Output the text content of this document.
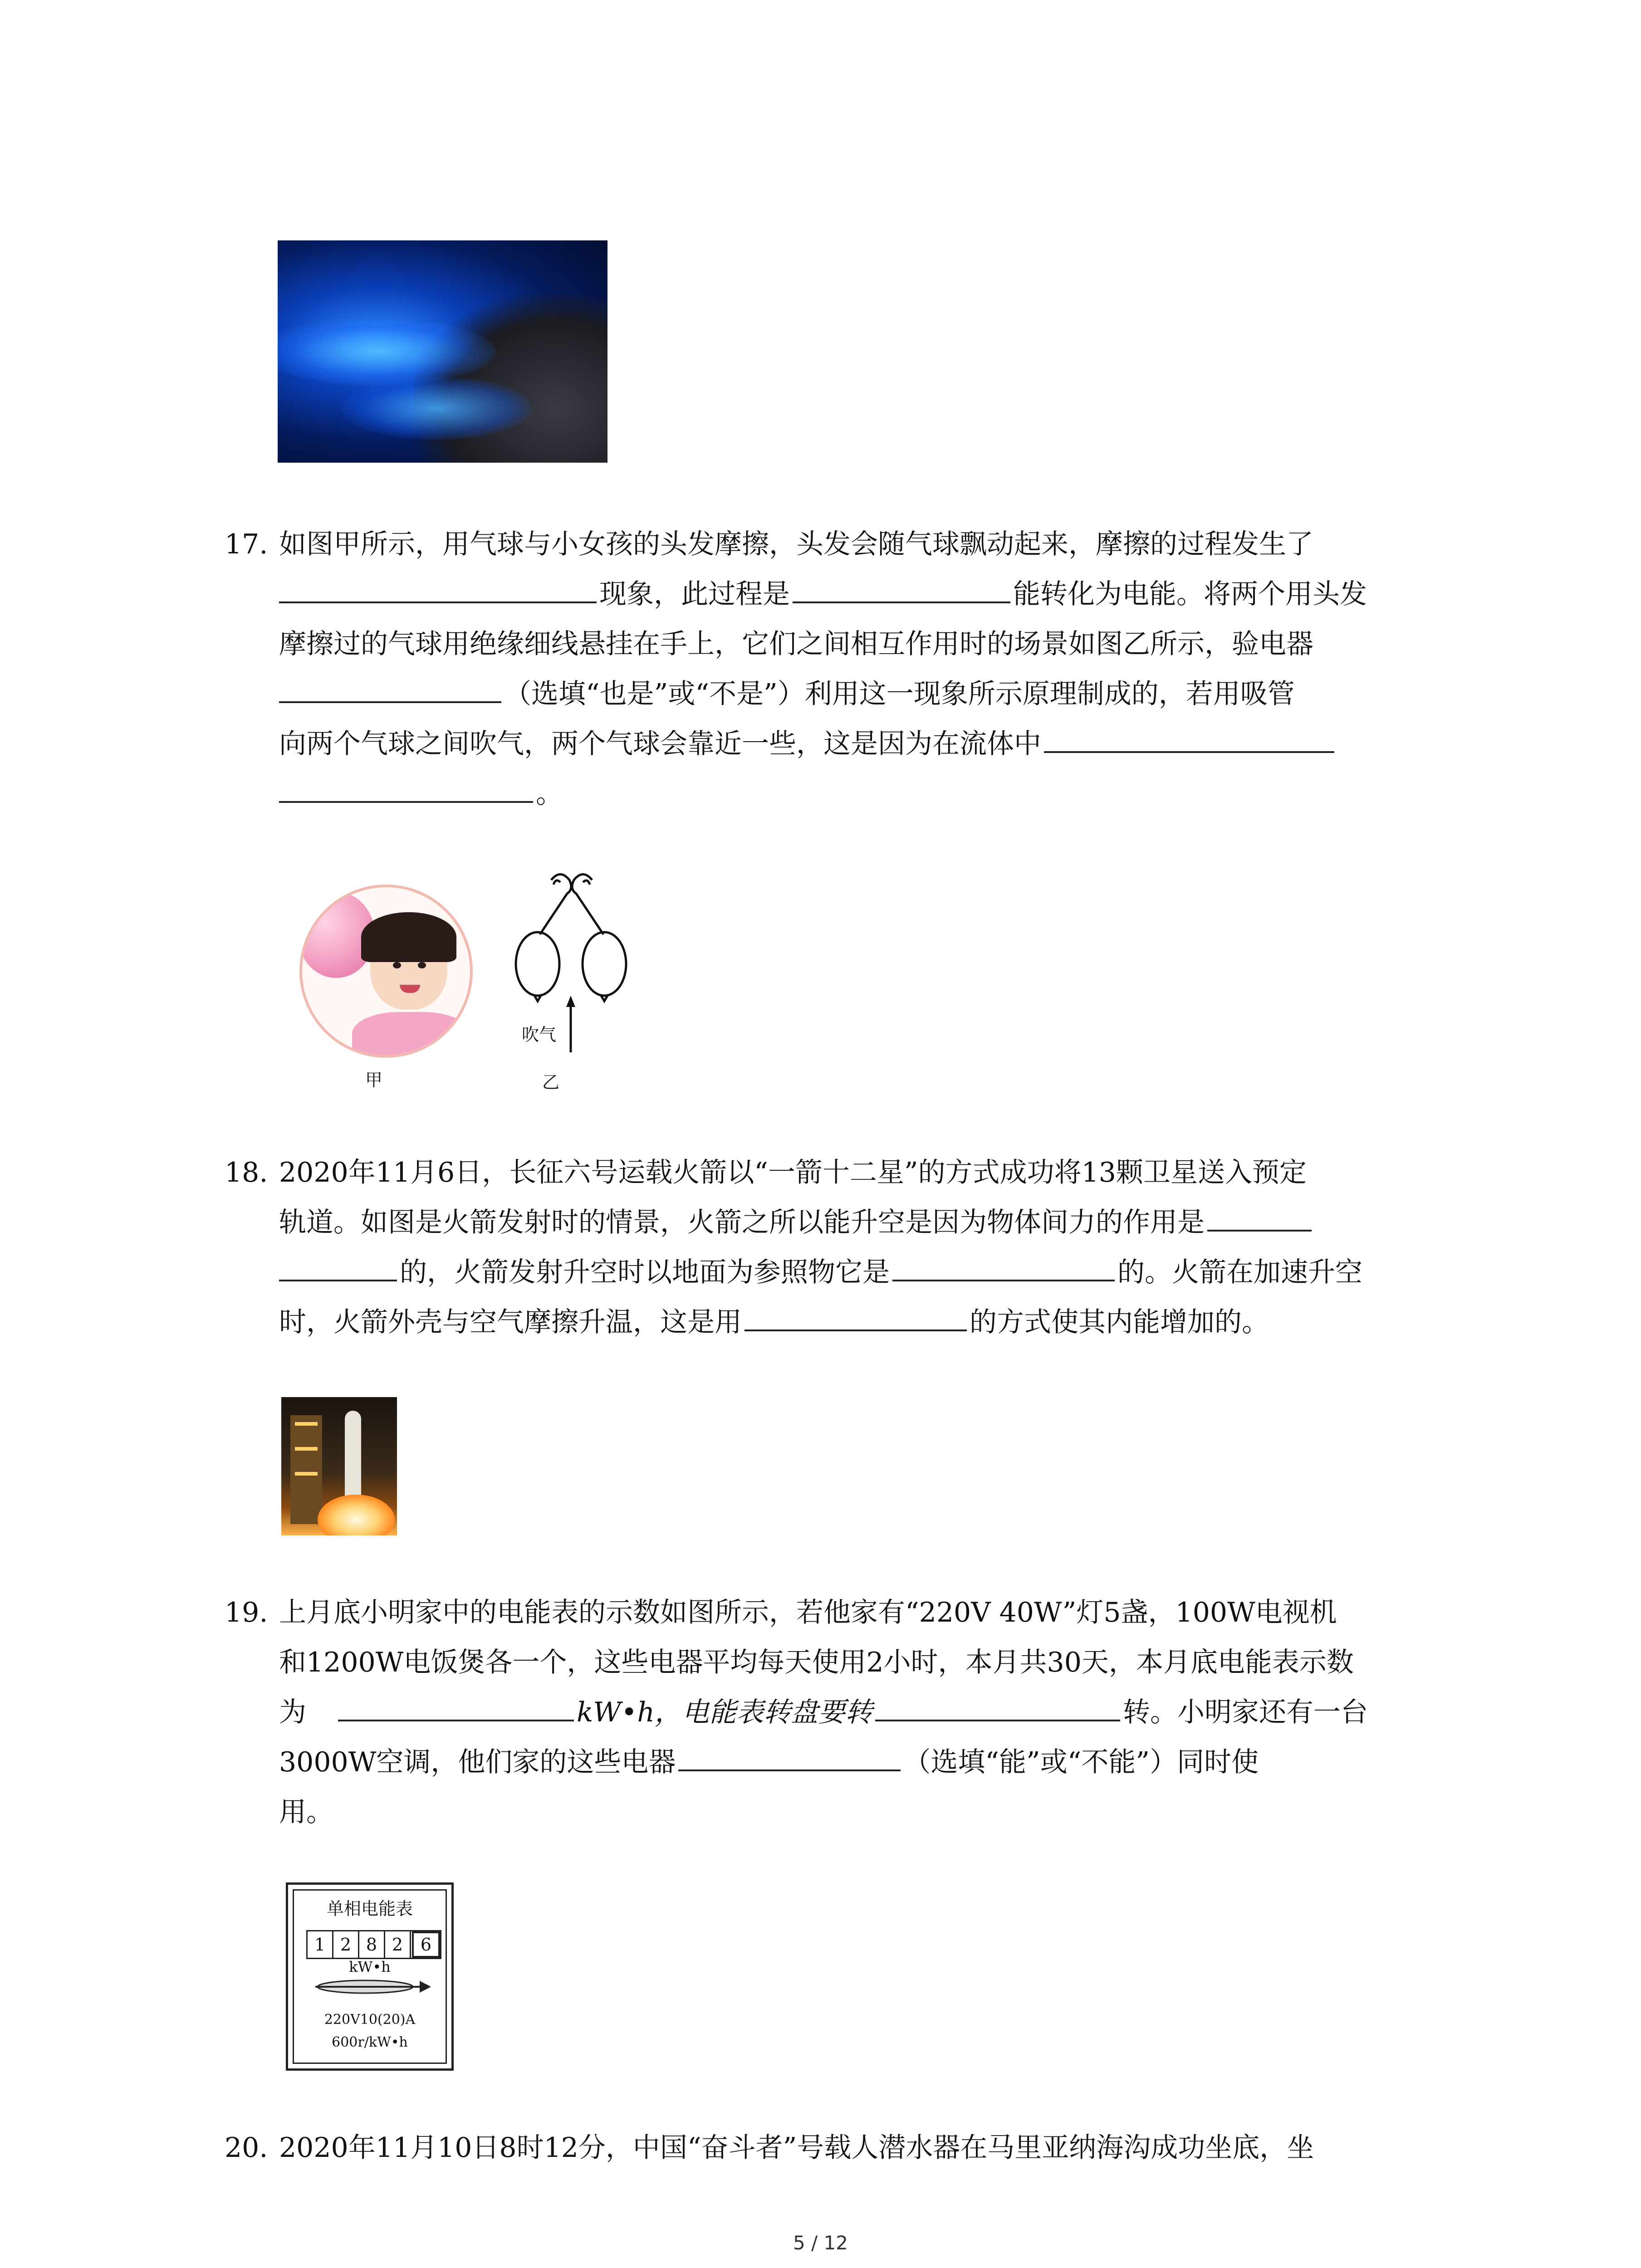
17. 如图甲所示，用气球与小女孩的头发摩擦，头发会随气球飘动起来，摩擦的过程发生了
现象，此过程是	能转化为电能。将两个用头发
摩擦过的气球用绝缘细线悬挂在手上，它们之间相互作用时的场景如图乙所示，验电器
（选填“也是”或“不是”）利用这一现象所示原理制成的，若用吸管
向两个气球之间吹气，两个气球会靠近一些，这是因为在流体中
。
甲
吹气
乙
18. 2020年11月6日，长征六号运载火箭以“一箭十二星”的方式成功将13颗卫星送入预定
轨道。如图是火箭发射时的情景，火箭之所以能升空是因为物体间力的作用是
的，火箭发射升空时以地面为参照物它是	的。火箭在加速升空
时，火箭外壳与空气摩擦升温，这是用	的方式使其内能增加的。
19. 上月底小明家中的电能表的示数如图所示，若他家有“220V 40W”灯5盏，100W电视机
和1200W电饭煲各一个，这些电器平均每天使用2小时，本月共30天，本月底电能表示数
为	kW•h，电能表转盘要转	转。小明家还有一台
3000W空调，他们家的这些电器	（选填“能”或“不能”）同时使
用。
单相电能表
1 2 8 2	6
kW•h
220V10(20)A
600r/kW•h
20. 2020年11月10日8时12分，中国“奋斗者”号载人潜水器在马里亚纳海沟成功坐底，坐
5 / 12
